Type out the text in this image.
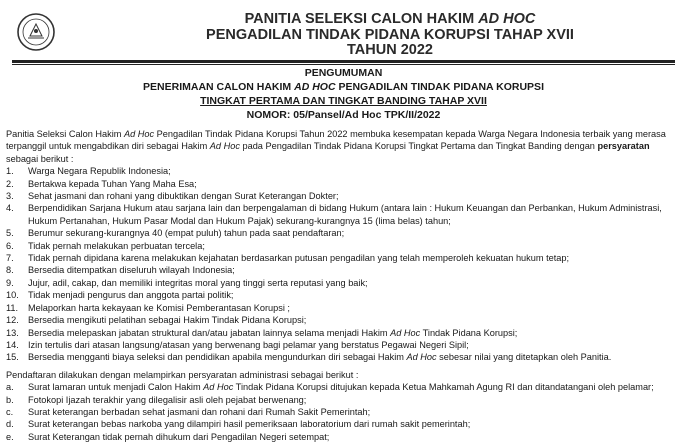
PANITIA SELEKSI CALON HAKIM AD HOC
PENGADILAN TINDAK PIDANA KORUPSI TAHAP XVII
TAHUN 2022
PENGUMUMAN
PENERIMAAN CALON HAKIM AD HOC PENGADILAN TINDAK PIDANA KORUPSI
TINGKAT PERTAMA DAN TINGKAT BANDING TAHAP XVII
NOMOR: 05/Pansel/Ad Hoc TPK/II/2022
Panitia Seleksi Calon Hakim Ad Hoc Pengadilan Tindak Pidana Korupsi Tahun 2022 membuka kesempatan kepada Warga Negara Indonesia terbaik yang merasa terpanggil untuk mengabdikan diri sebagai Hakim Ad Hoc pada Pengadilan Tindak Pidana Korupsi Tingkat Pertama dan Tingkat Banding dengan persyaratan sebagai berikut :
1. Warga Negara Republik Indonesia;
2. Bertakwa kepada Tuhan Yang Maha Esa;
3. Sehat jasmani dan rohani yang dibuktikan dengan Surat Keterangan Dokter;
4. Berpendidikan Sarjana Hukum atau sarjana lain dan berpengalaman di bidang Hukum (antara lain : Hukum Keuangan dan Perbankan, Hukum Administrasi, Hukum Pertanahan, Hukum Pasar Modal dan Hukum Pajak) sekurang-kurangnya 15 (lima belas) tahun;
5. Berumur sekurang-kurangnya 40 (empat puluh) tahun pada saat pendaftaran;
6. Tidak pernah melakukan perbuatan tercela;
7. Tidak pernah dipidana karena melakukan kejahatan berdasarkan putusan pengadilan yang telah memperoleh kekuatan hukum tetap;
8. Bersedia ditempatkan diseluruh wilayah Indonesia;
9. Jujur, adil, cakap, dan memiliki integritas moral yang tinggi serta reputasi yang baik;
10. Tidak menjadi pengurus dan anggota partai politik;
11. Melaporkan harta kekayaan ke Komisi Pemberantasan Korupsi ;
12. Bersedia mengikuti pelatihan sebagai Hakim Tindak Pidana Korupsi;
13. Bersedia melepaskan jabatan struktural dan/atau jabatan lainnya selama menjadi Hakim Ad Hoc Tindak Pidana Korupsi;
14. Izin tertulis dari atasan langsung/atasan yang berwenang bagi pelamar yang berstatus Pegawai Negeri Sipil;
15. Bersedia mengganti biaya seleksi dan pendidikan apabila mengundurkan diri sebagai Hakim Ad Hoc sebesar nilai yang ditetapkan oleh Panitia.
Pendaftaran dilakukan dengan melampirkan persyaratan administrasi sebagai berikut :
a. Surat lamaran untuk menjadi Calon Hakim Ad Hoc Tindak Pidana Korupsi ditujukan kepada Ketua Mahkamah Agung RI dan ditandatangani oleh pelamar;
b. Fotokopi Ijazah terakhir yang dilegalisir asli oleh pejabat berwenang;
c. Surat keterangan berbadan sehat jasmani dan rohani dari Rumah Sakit Pemerintah;
d. Surat keterangan bebas narkoba yang dilampiri hasil pemeriksaan laboratorium dari rumah sakit pemerintah;
e. Surat Keterangan tidak pernah dihukum dari Pengadilan Negeri setempat;
